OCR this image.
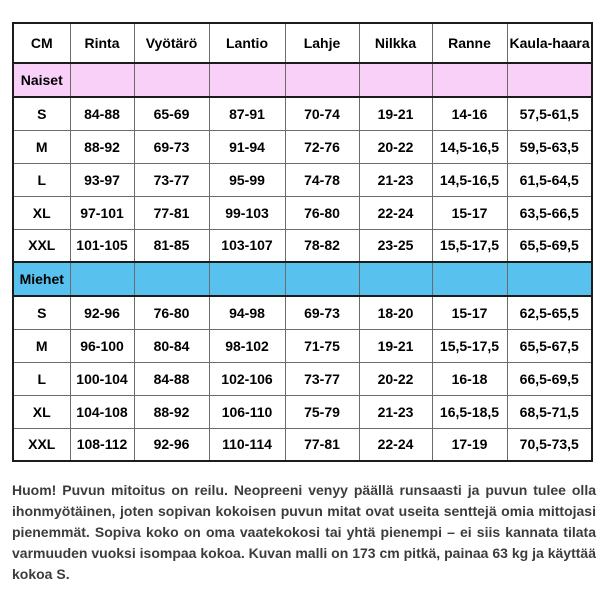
CM	Rinta	Vyötärö	Lantio	Lahje	Nilkka	Ranne	Kaula-haara
Naiset							
S	84-88	65-69	87-91	70-74	19-21	14-16	57,5-61,5
M	88-92	69-73	91-94	72-76	20-22	14,5-16,5	59,5-63,5
L	93-97	73-77	95-99	74-78	21-23	14,5-16,5	61,5-64,5
XL	97-101	77-81	99-103	76-80	22-24	15-17	63,5-66,5
XXL	101-105	81-85	103-107	78-82	23-25	15,5-17,5	65,5-69,5
Miehet							
S	92-96	76-80	94-98	69-73	18-20	15-17	62,5-65,5
M	96-100	80-84	98-102	71-75	19-21	15,5-17,5	65,5-67,5
L	100-104	84-88	102-106	73-77	20-22	16-18	66,5-69,5
XL	104-108	88-92	106-110	75-79	21-23	16,5-18,5	68,5-71,5
XXL	108-112	92-96	110-114	77-81	22-24	17-19	70,5-73,5

Huom! Puvun mitoitus on reilu. Neopreeni venyy päällä runsaasti ja puvun tulee olla ihonmyötäinen, joten sopivan kokoisen puvun mitat ovat useita senttejä omia mittojasi pienemmät. Sopiva koko on oma vaatekokosi tai yhtä pienempi – ei siis kannata tilata varmuuden vuoksi isompaa kokoa. Kuvan malli on 173 cm pitkä, painaa 63 kg ja käyttää kokoa S.
